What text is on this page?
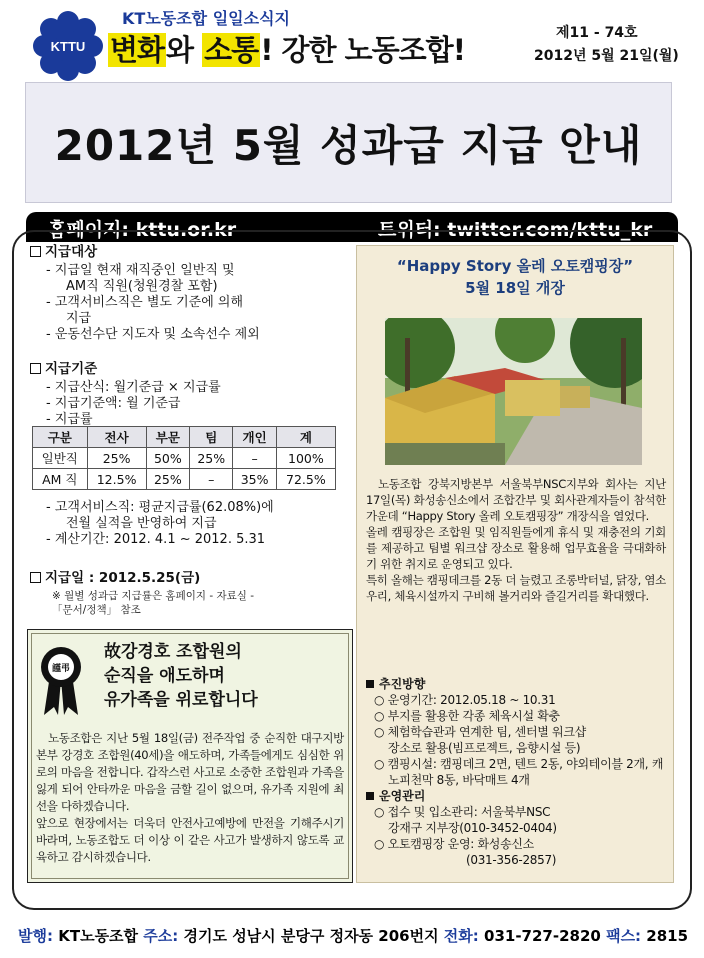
KTTU
KT노동조합 일일소식지
변화와 소통! 강한 노동조합!	제11 - 74호
2012년 5월 21일(월)
2012년 5월 성과급 지급 안내
홈페이지: kttu.or.kr	트위터: twitter.com/kttu_kr
지급대상
- 지급일 현재 재직중인 일반직 및
AM직 직원(청원경찰 포함)
- 고객서비스직은 별도 기준에 의해
지급
- 운동선수단 지도자 및 소속선수 제외
지급기준
- 지급산식: 월기준급 × 지급률
- 지급기준액: 월 기준급
- 지급률
구분	전사	부문	팀	개인	계
일반직	25%	50%	25%	–	100%
AM 직	12.5%	25%	–	35%	72.5%
- 고객서비스직: 평균지급률(62.08%)에
전월 실적을 반영하여 지급
- 계산기간: 2012. 4.1 ~ 2012. 5.31
지급일 : 2012.5.25(금)
※ 월별 성과급 지급률은 홈페이지 - 자료실 -
「문서/정책」 참조
謹弔
故강경호 조합원의
순직을 애도하며
유가족을 위로합니다

노동조합은 지난 5월 18일(금) 전주작업 중 순직한 대구지방본부 강경호 조합원(40세)을 애도하며, 가족들에게도 심심한 위로의 마음을 전합니다. 갑작스런 사고로 소중한 조합원과 가족을 잃게 되어 안타까운 마음을 금할 길이 없으며, 유가족 지원에 최선을 다하겠습니다.

앞으로 현장에서는 더욱더 안전사고예방에 만전을 기해주시기 바라며, 노동조합도 더 이상 이 같은 사고가 발생하지 않도록 교육하고 감시하겠습니다.

“Happy Story 올레 오토캠핑장”
5월 18일 개장

노동조합 강북지방본부 서울북부NSC지부와 회사는 지난 17일(목) 화성송신소에서 조합간부 및 회사관계자들이 참석한 가운데 “Happy Story 올레 오토캠핑장” 개장식을 열었다.

올레 캠핑장은 조합원 및 임직원들에게 휴식 및 재충전의 기회를 제공하고 팀별 워크샵 장소로 활용해 업무효율을 극대화하기 위한 취지로 운영되고 있다.

특히 올해는 캠핑데크를 2동 더 늘렸고 조롱박터널, 닭장, 염소우리, 체육시설까지 구비해 볼거리와 즐길거리를 확대했다.

추진방향
○ 운영기간: 2012.05.18 ~ 10.31
○ 부지를 활용한 각종 체육시설 확충
○ 체험학습관과 연계한 팀, 센터별 워크샵
장소로 활용(빔프로젝트, 음향시설 등)
○ 캠핑시설: 캠핑데크 2면, 텐트 2동, 야외테이블 2개, 캐노피천막 8동, 바닥매트 4개
운영관리
○ 접수 및 입소관리: 서울북부NSC
강재구 지부장(010-3452-0404)
○ 오토캠핑장 운영: 화성송신소
(031-356-2857)
발행: KT노동조합 주소: 경기도 성남시 분당구 정자동 206번지 전화: 031-727-2820 팩스: 2815
